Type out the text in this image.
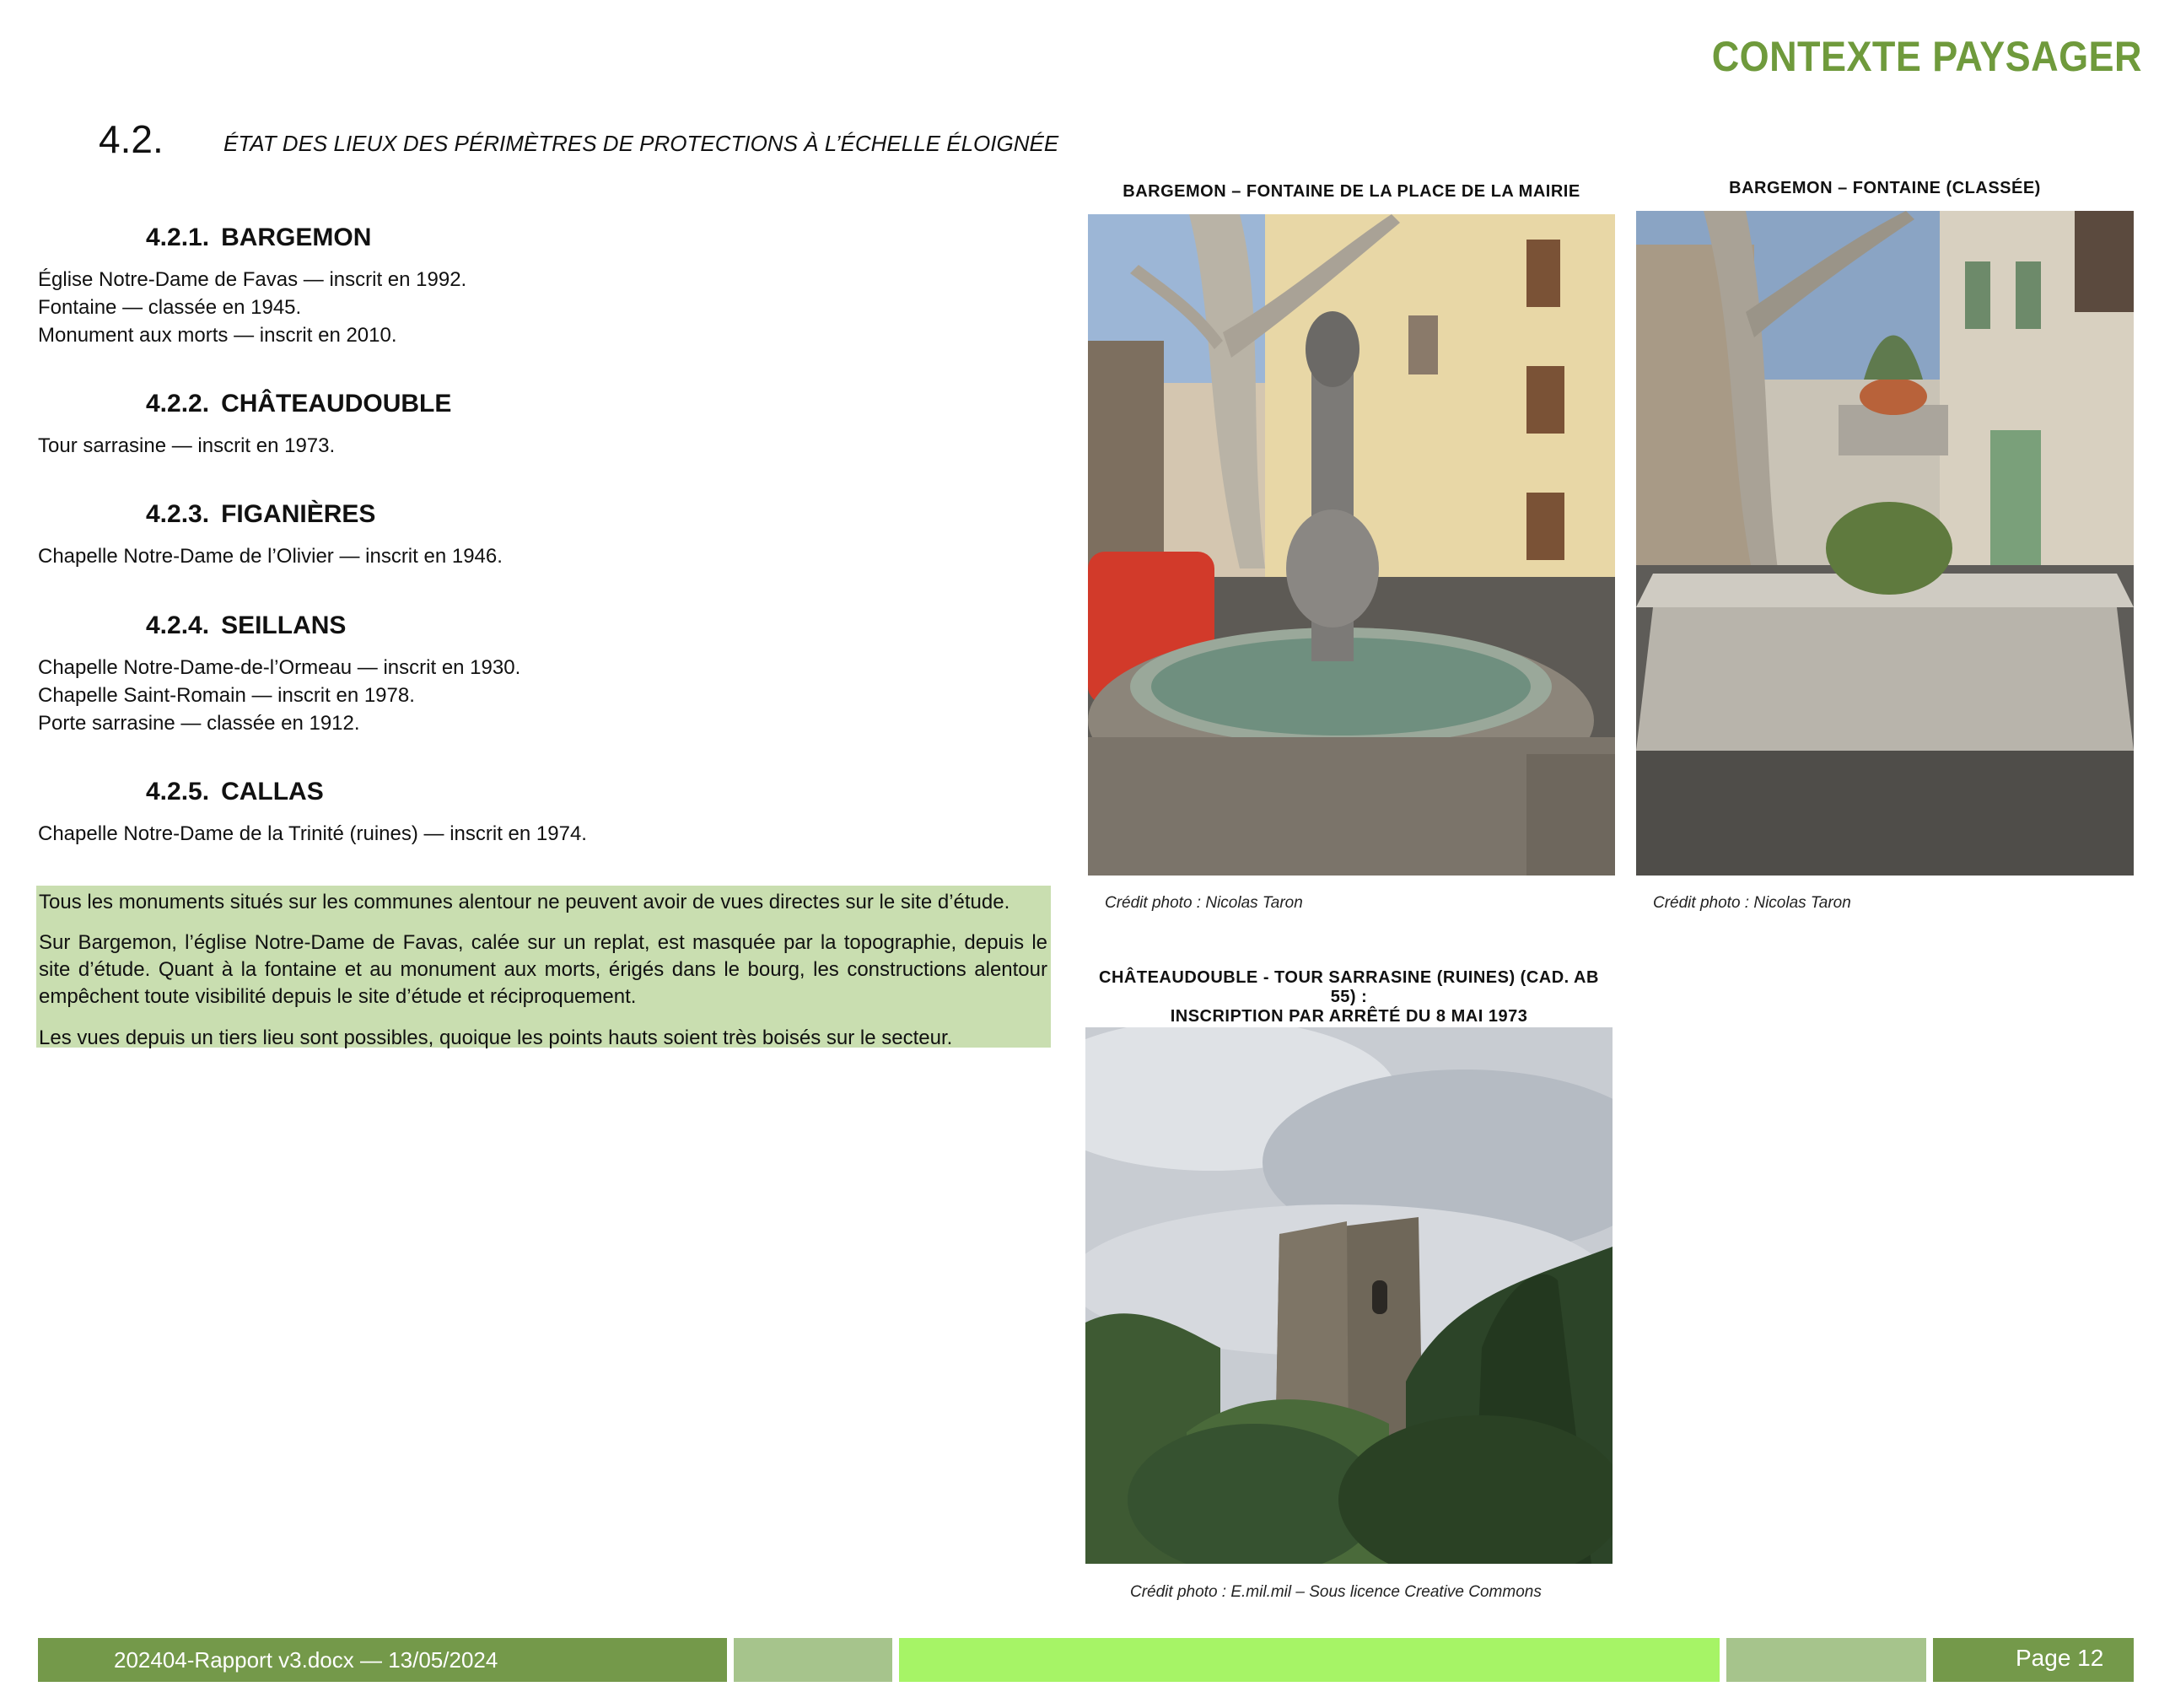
CONTEXTE PAYSAGER
4.2.	ÉTAT DES LIEUX DES PÉRIMÈTRES DE PROTECTIONS À L’ÉCHELLE ÉLOIGNÉE
4.2.1. BARGEMON
Église Notre-Dame de Favas — inscrit en 1992.
Fontaine — classée en 1945.
Monument aux morts — inscrit en 2010.
4.2.2. CHÂTEAUDOUBLE
Tour sarrasine — inscrit en 1973.
4.2.3. FIGANIÈRES
Chapelle Notre-Dame de l’Olivier — inscrit en 1946.
4.2.4. SEILLANS
Chapelle Notre-Dame-de-l’Ormeau — inscrit en 1930.
Chapelle Saint-Romain — inscrit en 1978.
Porte sarrasine — classée en 1912.
4.2.5. CALLAS
Chapelle Notre-Dame de la Trinité (ruines) — inscrit en 1974.
Tous les monuments situés sur les communes alentour ne peuvent avoir de vues directes sur le site d’étude.
Sur Bargemon, l’église Notre-Dame de Favas, calée sur un replat, est masquée par la topographie, depuis le site d’étude. Quant à la fontaine et au monument aux morts, érigés dans le bourg, les constructions alentour empêchent toute visibilité depuis le site d’étude et réciproquement.
Les vues depuis un tiers lieu sont possibles, quoique les points hauts soient très boisés sur le secteur.
BARGEMON – FONTAINE DE LA PLACE DE LA MAIRIE
Crédit photo : Nicolas Taron
BARGEMON – FONTAINE (CLASSÉE)
Crédit photo : Nicolas Taron
CHÂTEAUDOUBLE - TOUR SARRASINE (RUINES) (CAD. AB 55) :
INSCRIPTION PAR ARRÊTÉ DU 8 MAI 1973
Crédit photo : E.mil.mil – Sous licence Creative Commons
202404-Rapport v3.docx — 13/05/2024	Page 12
